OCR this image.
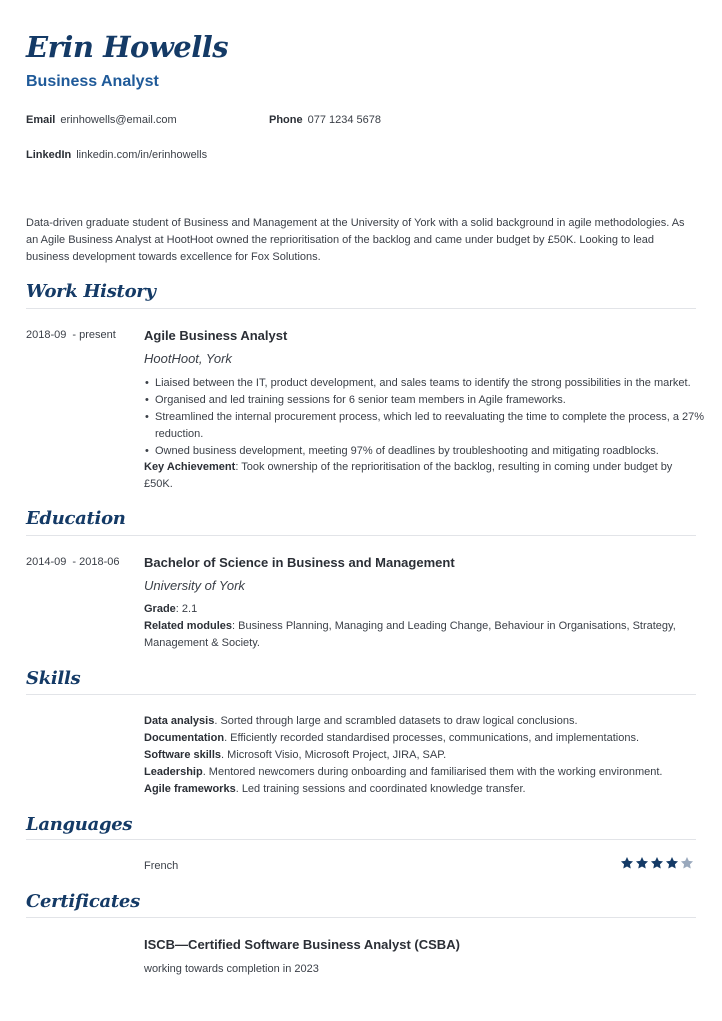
Erin Howells
Business Analyst
Email erinhowells@email.com	Phone 077 1234 5678
LinkedIn linkedin.com/in/erinhowells

Data-driven graduate student of Business and Management at the University of York with a solid background in agile methodologies. As an Agile Business Analyst at HootHoot owned the reprioritisation of the backlog and came under budget by £50K. Looking to lead business development towards excellence for Fox Solutions.

Work History
2018-09 - present Agile Business Analyst
HootHoot, York
• Liaised between the IT, product development, and sales teams to identify the strong possibilities in the market.
• Organised and led training sessions for 6 senior team members in Agile frameworks.
• Streamlined the internal procurement process, which led to reevaluating the time to complete the process, a 27% reduction.
• Owned business development, meeting 97% of deadlines by troubleshooting and mitigating roadblocks.
Key Achievement: Took ownership of the reprioritisation of the backlog, resulting in coming under budget by £50K.
Education
2014-09 - 2018-06 Bachelor of Science in Business and Management
University of York
Grade: 2.1
Related modules: Business Planning, Managing and Leading Change, Behaviour in Organisations, Strategy, Management & Society.
Skills
Data analysis. Sorted through large and scrambled datasets to draw logical conclusions.
Documentation. Efficiently recorded standardised processes, communications, and implementations.
Software skills. Microsoft Visio, Microsoft Project, JIRA, SAP.
Leadership. Mentored newcomers during onboarding and familiarised them with the working environment.
Agile frameworks. Led training sessions and coordinated knowledge transfer.
Languages
French
Certificates
ISCB—Certified Software Business Analyst (CSBA)
working towards completion in 2023
